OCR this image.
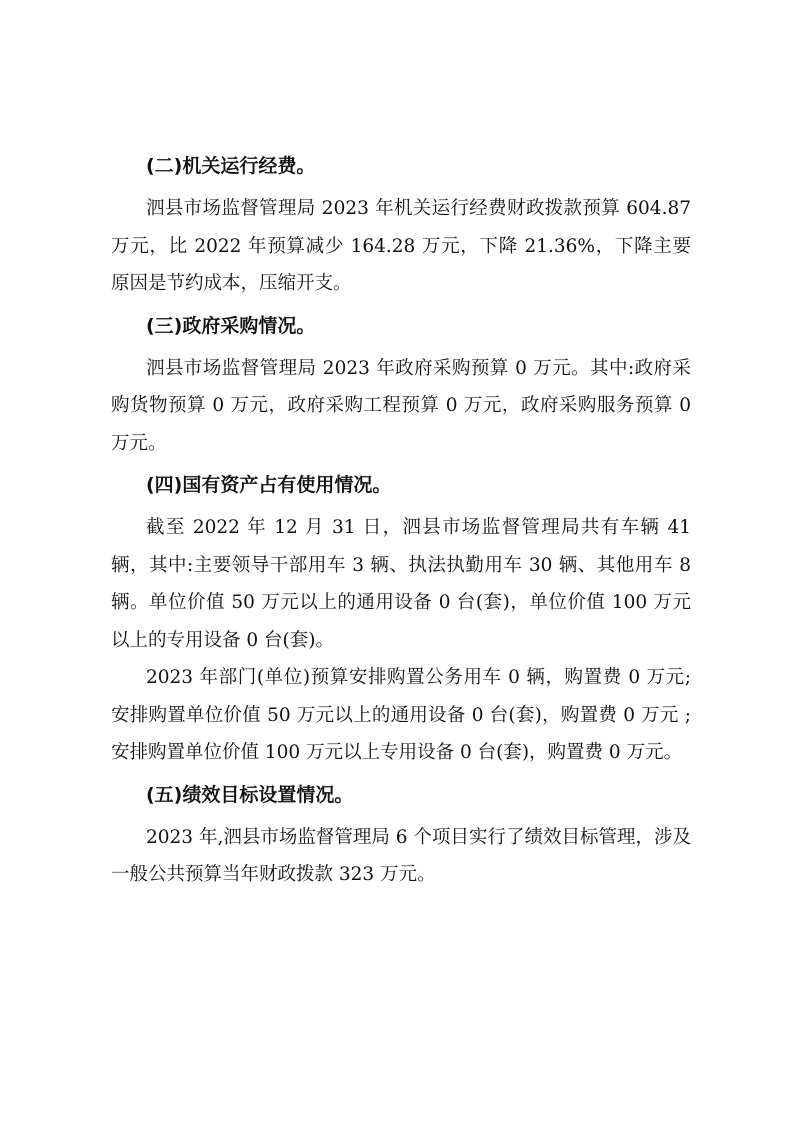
(二)机关运行经费。

泗县市场监督管理局 2023 年机关运行经费财政拨款预算 604.87 万元，比 2022 年预算减少 164.28 万元，下降 21.36%，下降主要原因是节约成本，压缩开支。

(三)政府采购情况。

泗县市场监督管理局 2023 年政府采购预算 0 万元。其中:政府采购货物预算 0 万元，政府采购工程预算 0 万元，政府采购服务预算 0 万元。

(四)国有资产占有使用情况。

截至 2022 年 12 月 31 日，泗县市场监督管理局共有车辆 41 辆，其中:主要领导干部用车 3 辆、执法执勤用车 30 辆、其他用车 8 辆。单位价值 50 万元以上的通用设备 0 台(套)，单位价值 100 万元以上的专用设备 0 台(套)。

2023 年部门(单位)预算安排购置公务用车 0 辆，购置费 0 万元;安排购置单位价值 50 万元以上的通用设备 0 台(套)，购置费 0 万元 ;安排购置单位价值 100 万元以上专用设备 0 台(套)，购置费 0 万元。

(五)绩效目标设置情况。

2023 年,泗县市场监督管理局 6 个项目实行了绩效目标管理，涉及一般公共预算当年财政拨款 323 万元。
